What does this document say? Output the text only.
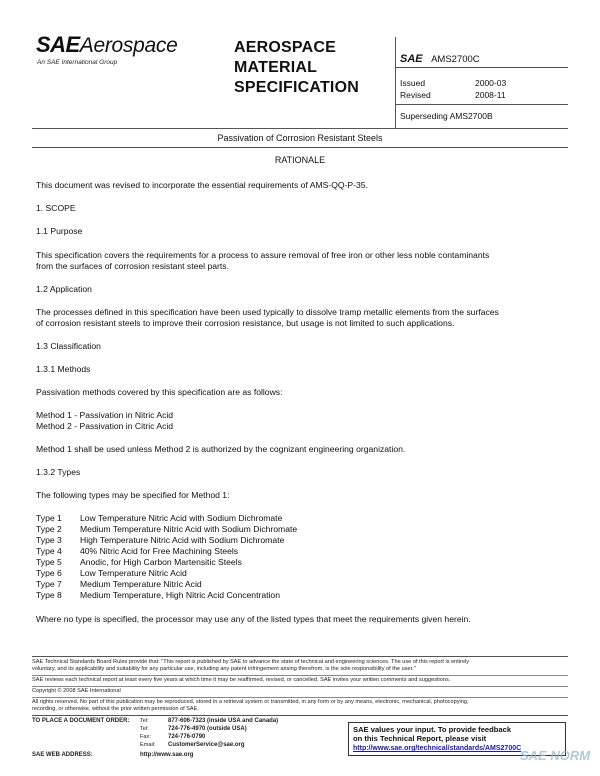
SAEAerospace
An SAE International Group
AEROSPACE
MATERIAL
SPECIFICATION
SAE AMS2700C
Issued	2000-03
Revised	2008-11
Superseding AMS2700B
Passivation of Corrosion Resistant Steels
RATIONALE
This document was revised to incorporate the essential requirements of AMS-QQ-P-35.
1. SCOPE
1.1 Purpose
This specification covers the requirements for a process to assure removal of free iron or other less noble contaminants
from the surfaces of corrosion resistant steel parts.
1.2 Application
The processes defined in this specification have been used typically to dissolve tramp metallic elements from the surfaces
of corrosion resistant steels to improve their corrosion resistance, but usage is not limited to such applications.
1.3 Classification
1.3.1 Methods
Passivation methods covered by this specification are as follows:
Method 1 - Passivation in Nitric Acid
Method 2 - Passivation in Citric Acid
Method 1 shall be used unless Method 2 is authorized by the cognizant engineering organization.
1.3.2 Types
The following types may be specified for Method 1:
Type 1 Low Temperature Nitric Acid with Sodium Dichromate
Type 2 Medium Temperature Nitric Acid with Sodium Dichromate
Type 3 High Temperature Nitric Acid with Sodium Dichromate
Type 4 40% Nitric Acid for Free Machining Steels
Type 5 Anodic, for High Carbon Martensitic Steels
Type 6 Low Temperature Nitric Acid
Type 7 Medium Temperature Nitric Acid
Type 8 Medium Temperature, High Nitric Acid Concentration
Where no type is specified, the processor may use any of the listed types that meet the requirements given herein.
SAE Technical Standards Board Rules provide that: "This report is published by SAE to advance the state of technical and engineering sciences. The use of this report is entirely
voluntary, and its applicability and suitability for any particular use, including any patent infringement arising therefrom, is the sole responsibility of the user."
SAE reviews each technical report at least every five years at which time it may be reaffirmed, revised, or cancelled. SAE invites your written comments and suggestions.
Copyright © 2008 SAE International
All rights reserved. No part of this publication may be reproduced, stored in a retrieval system or transmitted, in any form or by any means, electronic, mechanical, photocopying,
recording, or otherwise, without the prior written permission of SAE.
TO PLACE A DOCUMENT ORDER: Tel:	877-606-7323 (inside USA and Canada)
Tel:	724-776-4970 (outside USA)
Fax:	724-776-0790
Email: CustomerService@sae.org
SAE WEB ADDRESS:	http://www.sae.org
SAE values your input. To provide feedback
on this Technical Report, please visit
http://www.sae.org/technical/standards/AMS2700C
SAE NORM
